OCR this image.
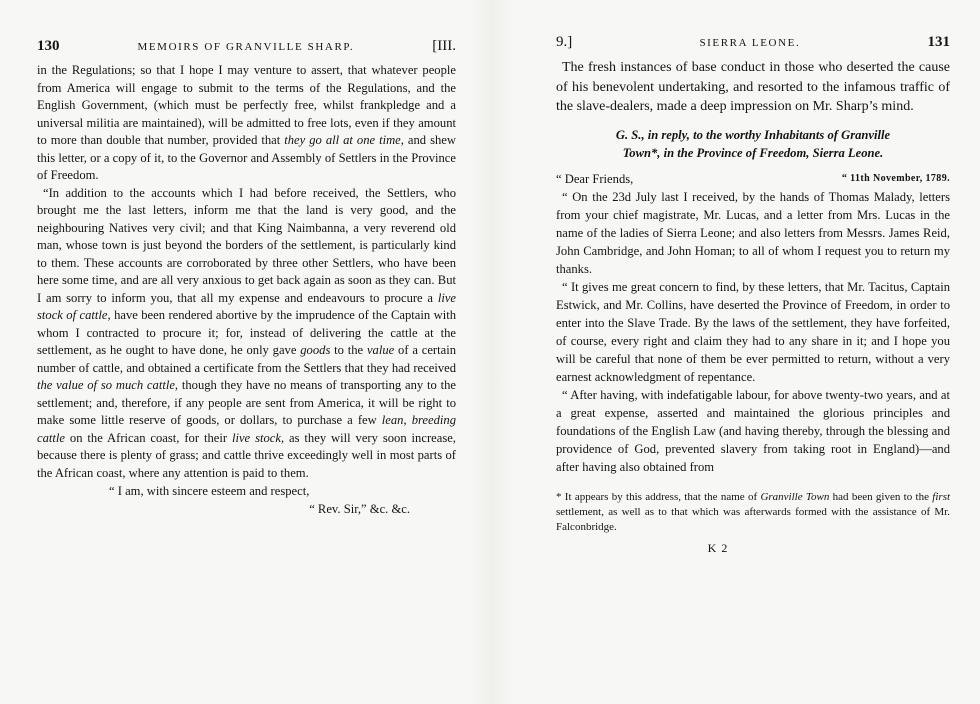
130	MEMOIRS OF GRANVILLE SHARP.	[III.

in the Regulations; so that I hope I may venture to assert, that whatever people from America will engage to submit to the terms of the Regulations, and the English Government, (which must be perfectly free, whilst frankpledge and a universal militia are maintained), will be admitted to free lots, even if they amount to more than double that number, provided that they go all at one time, and shew this letter, or a copy of it, to the Governor and Assembly of Settlers in the Province of Freedom.

“In addition to the accounts which I had before received, the Settlers, who brought me the last letters, inform me that the land is very good, and the neighbouring Natives very civil; and that King Naimbanna, a very reverend old man, whose town is just beyond the borders of the settlement, is particularly kind to them. These accounts are corroborated by three other Settlers, who have been here some time, and are all very anxious to get back again as soon as they can. But I am sorry to inform you, that all my expense and endeavours to procure a live stock of cattle, have been rendered abortive by the imprudence of the Captain with whom I contracted to procure it; for, instead of delivering the cattle at the settlement, as he ought to have done, he only gave goods to the value of a certain number of cattle, and obtained a certificate from the Settlers that they had received the value of so much cattle, though they have no means of transporting any to the settlement; and, therefore, if any people are sent from America, it will be right to make some little reserve of goods, or dollars, to purchase a few lean, breeding cattle on the African coast, for their live stock, as they will very soon increase, because there is plenty of grass; and cattle thrive exceedingly well in most parts of the African coast, where any attention is paid to them.

“ I am, with sincere esteem and respect,
“ Rev. Sir,” &c. &c.
9.]	SIERRA LEONE.	131

The fresh instances of base conduct in those who deserted the cause of his benevolent undertaking, and resorted to the infamous traffic of the slave-dealers, made a deep impression on Mr. Sharp’s mind.

G. S., in reply, to the worthy Inhabitants of Granville
Town*, in the Province of Freedom, Sierra Leone.
“ Dear Friends,	“ 11th November, 1789.

“ On the 23d July last I received, by the hands of Thomas Malady, letters from your chief magistrate, Mr. Lucas, and a letter from Mrs. Lucas in the name of the ladies of Sierra Leone; and also letters from Messrs. James Reid, John Cambridge, and John Homan; to all of whom I request you to return my thanks.

“ It gives me great concern to find, by these letters, that Mr. Tacitus, Captain Estwick, and Mr. Collins, have deserted the Province of Freedom, in order to enter into the Slave Trade. By the laws of the settlement, they have forfeited, of course, every right and claim they had to any share in it; and I hope you will be careful that none of them be ever permitted to return, without a very earnest acknowledgment of repentance.

“ After having, with indefatigable labour, for above twenty-two years, and at a great expense, asserted and maintained the glorious principles and foundations of the English Law (and having thereby, through the blessing and providence of God, prevented slavery from taking root in England)—and after having also obtained from

* It appears by this address, that the name of Granville Town had been given to the first settlement, as well as to that which was afterwards formed with the assistance of Mr. Falconbridge.
K 2
